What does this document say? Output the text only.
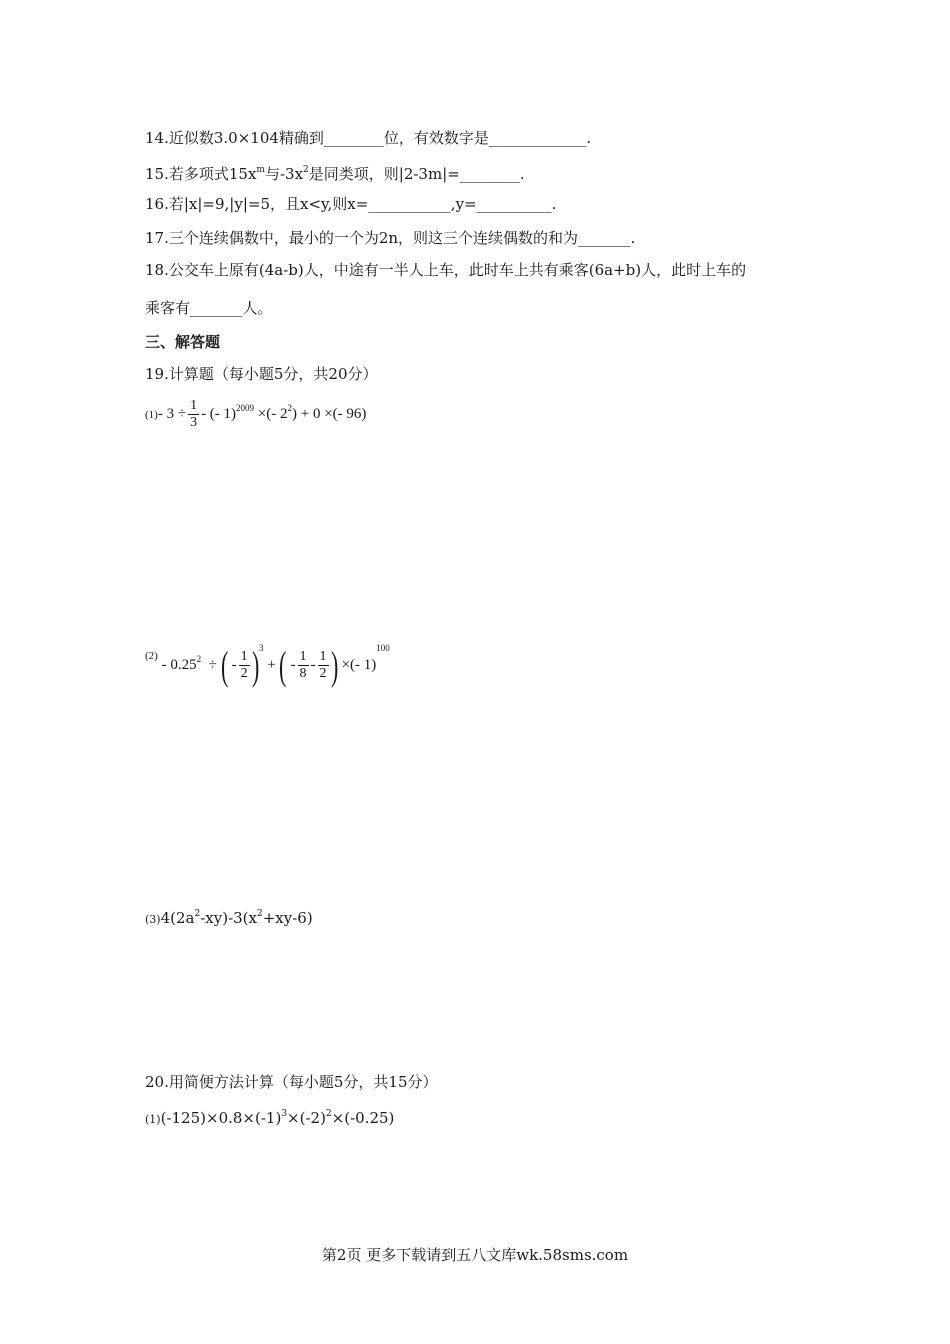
14.近似数3.0×104精确到________位，有效数字是_____________.
15.若多项式$15x^m$与$-3x^2$是同类项，则|2-3m|=________.
16.若|x|=9,|y|=5，且x<y,则x=___________,y=__________.
17.三个连续偶数中，最小的一个为2n，则这三个连续偶数的和为_______.
18.公交车上原有(4a-b)人，中途有一半人上车，此时车上共有乘客(6a+b)人，此时上车的
乘客有_______人。
三、解答题
19.计算题（每小题5分，共20分）
(1)- $3 \div \frac{1}{3}$ - (- 1)$^{2009}$ ×(- $2^2) + 0$ ×(- 96)
$^{(2)} - 0.25^2$ ÷ ( - $\frac{1}{2} )^3$ + ( - $\frac{1}{8} - \frac{1}{2}$ ) ×(- 1)$^{100}$
$(3)4(2a^2-xy)-3(x^2+xy-6)$
20.用简便方法计算（每小题5分，共15分）
$(1)(-125)\times 0.8\times(-1)^3\times(-2)^2\times(-0.25)$
第2页 更多下载请到五八文库wk.58sms.com
